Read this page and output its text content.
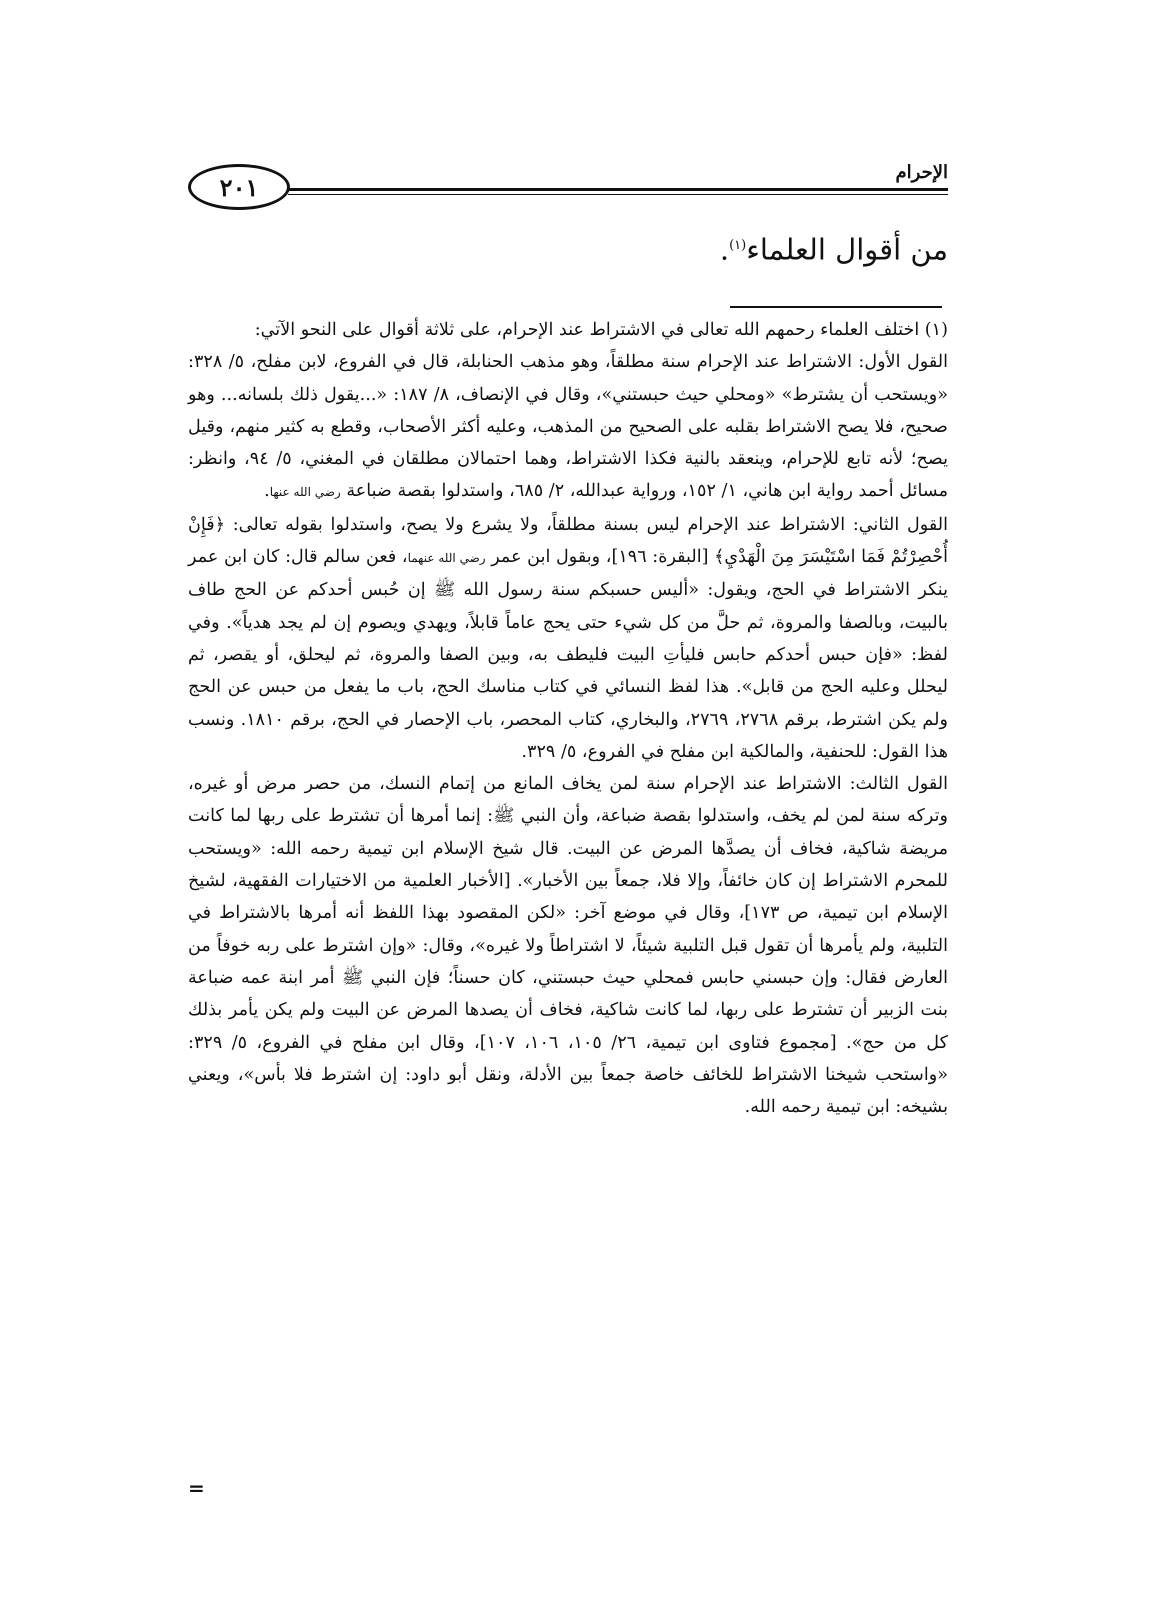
٢٠١	الإحرام
من أقوال العلماء$^{(١)}$.

(١) اختلف العلماء رحمهم الله تعالى في الاشتراط عند الإحرام، على ثلاثة أقوال على النحو الآتي:

القول الأول: الاشتراط عند الإحرام سنة مطلقاً، وهو مذهب الحنابلة، قال في الفروع، لابن مفلح، ٥/ ٣٢٨: «ويستحب أن يشترط» «ومحلي حيث حبستني»، وقال في الإنصاف، ٨/ ١٨٧: «...يقول ذلك بلسانه... وهو صحيح، فلا يصح الاشتراط بقلبه على الصحيح من المذهب، وعليه أكثر الأصحاب، وقطع به كثير منهم، وقيل يصح؛ لأنه تابع للإحرام، وينعقد بالنية فكذا الاشتراط، وهما احتمالان مطلقان في المغني، ٥/ ٩٤، وانظر: مسائل أحمد رواية ابن هاني، ١/ ١٥٢، ورواية عبدالله، ٢/ ٦٨٥، واستدلوا بقصة ضباعة رضي الله عنها.

القول الثاني: الاشتراط عند الإحرام ليس بسنة مطلقاً، ولا يشرع ولا يصح، واستدلوا بقوله تعالى: ﴿فَإِنْ أُحْصِرْتُمْ فَمَا اسْتَيْسَرَ مِنَ الْهَدْيِ﴾ [البقرة: ١٩٦]، وبقول ابن عمر رضي الله عنهما، فعن سالم قال: كان ابن عمر ينكر الاشتراط في الحج، ويقول: «أليس حسبكم سنة رسول الله ﷺ إن حُبس أحدكم عن الحج طاف بالبيت، وبالصفا والمروة، ثم حلَّ من كل شيء حتى يحج عاماً قابلاً، ويهدي ويصوم إن لم يجد هدياً». وفي لفظ: «فإن حبس أحدكم حابس فليأتِ البيت فليطف به، وبين الصفا والمروة، ثم ليحلق، أو يقصر، ثم ليحلل وعليه الحج من قابل». هذا لفظ النسائي في كتاب مناسك الحج، باب ما يفعل من حبس عن الحج ولم يكن اشترط، برقم ٢٧٦٨، ٢٧٦٩، والبخاري، كتاب المحصر، باب الإحصار في الحج، برقم ١٨١٠. ونسب هذا القول: للحنفية، والمالكية ابن مفلح في الفروع، ٥/ ٣٢٩.

القول الثالث: الاشتراط عند الإحرام سنة لمن يخاف المانع من إتمام النسك، من حصر مرض أو غيره، وتركه سنة لمن لم يخف، واستدلوا بقصة ضباعة، وأن النبي ﷺ: إنما أمرها أن تشترط على ربها لما كانت مريضة شاكية، فخاف أن يصدَّها المرض عن البيت. قال شيخ الإسلام ابن تيمية رحمه الله: «ويستحب للمحرم الاشتراط إن كان خائفاً، وإلا فلا، جمعاً بين الأخبار». [الأخبار العلمية من الاختيارات الفقهية، لشيخ الإسلام ابن تيمية، ص ١٧٣]، وقال في موضع آخر: «لكن المقصود بهذا اللفظ أنه أمرها بالاشتراط في التلبية، ولم يأمرها أن تقول قبل التلبية شيئاً، لا اشتراطاً ولا غيره»، وقال: «وإن اشترط على ربه خوفاً من العارض فقال: وإن حبسني حابس فمحلي حيث حبستني، كان حسناً؛ فإن النبي ﷺ أمر ابنة عمه ضباعة بنت الزبير أن تشترط على ربها، لما كانت شاكية، فخاف أن يصدها المرض عن البيت ولم يكن يأمر بذلك كل من حج». [مجموع فتاوى ابن تيمية، ٢٦/ ١٠٥، ١٠٦، ١٠٧]، وقال ابن مفلح في الفروع، ٥/ ٣٢٩: «واستحب شيخنا الاشتراط للخائف خاصة جمعاً بين الأدلة، ونقل أبو داود: إن اشترط فلا بأس»، ويعني بشيخه: ابن تيمية رحمه الله.

=
